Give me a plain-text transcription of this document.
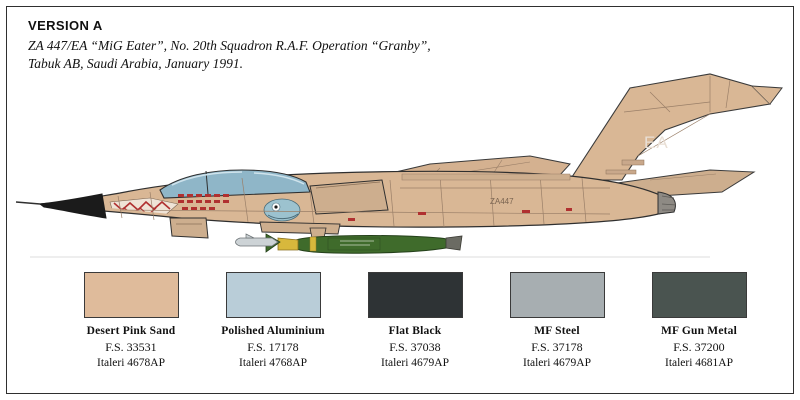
VERSION A
ZA 447/EA “MiG Eater”, No. 20th Squadron R.A.F. Operation “Granby”,
Tabuk AB, Saudi Arabia, January 1991.
EA
ZA447
Desert Pink Sand
F.S. 33531
Italeri 4678AP
Polished Aluminium
F.S. 17178
Italeri 4768AP
Flat Black
F.S. 37038
Italeri 4679AP
MF Steel
F.S. 37178
Italeri 4679AP
MF Gun Metal
F.S. 37200
Italeri 4681AP
